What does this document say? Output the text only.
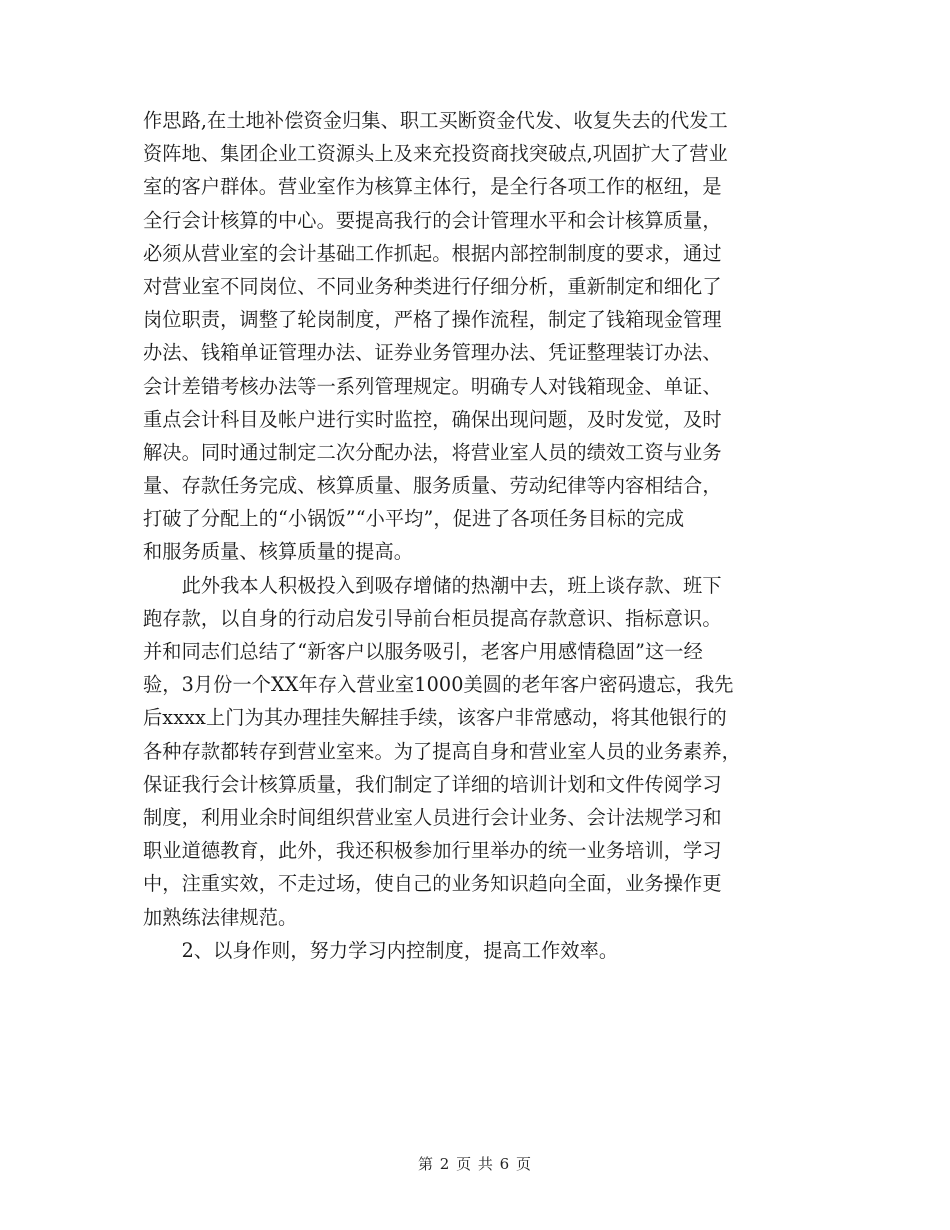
作思路,在土地补偿资金归集、职工买断资金代发、收复失去的代发工
资阵地、集团企业工资源头上及来充投资商找突破点,巩固扩大了营业
室的客户群体。营业室作为核算主体行，是全行各项工作的枢纽，是
全行会计核算的中心。要提高我行的会计管理水平和会计核算质量，
必须从营业室的会计基础工作抓起。根据内部控制制度的要求，通过
对营业室不同岗位、不同业务种类进行仔细分析，重新制定和细化了
岗位职责，调整了轮岗制度，严格了操作流程，制定了钱箱现金管理
办法、钱箱单证管理办法、证券业务管理办法、凭证整理装订办法、
会计差错考核办法等一系列管理规定。明确专人对钱箱现金、单证、
重点会计科目及帐户进行实时监控，确保出现问题，及时发觉，及时
解决。同时通过制定二次分配办法，将营业室人员的绩效工资与业务
量、存款任务完成、核算质量、服务质量、劳动纪律等内容相结合，
打破了分配上的“小锅饭”“小平均”，促进了各项任务目标的完成
和服务质量、核算质量的提高。
　　此外我本人积极投入到吸存增储的热潮中去，班上谈存款、班下
跑存款，以自身的行动启发引导前台柜员提高存款意识、指标意识。
并和同志们总结了“新客户以服务吸引，老客户用感情稳固”这一经
验，3月份一个XX年存入营业室1000美圆的老年客户密码遗忘，我先
后xxxx上门为其办理挂失解挂手续，该客户非常感动，将其他银行的
各种存款都转存到营业室来。为了提高自身和营业室人员的业务素养，
保证我行会计核算质量，我们制定了详细的培训计划和文件传阅学习
制度，利用业余时间组织营业室人员进行会计业务、会计法规学习和
职业道德教育，此外，我还积极参加行里举办的统一业务培训，学习
中，注重实效，不走过场，使自己的业务知识趋向全面，业务操作更
加熟练法律规范。
　　2、以身作则，努力学习内控制度，提高工作效率。
第 2 页 共 6 页
